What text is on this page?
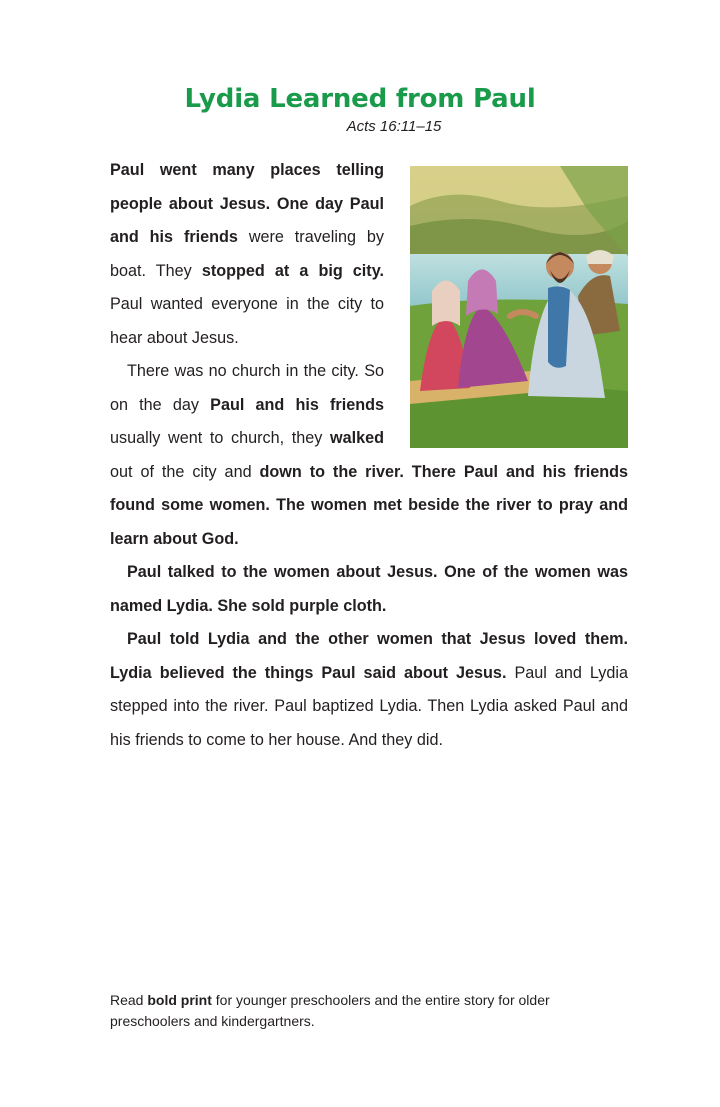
Lydia Learned from Paul
Acts 16:11–15

Paul went many places telling people about Jesus. One day Paul and his friends were traveling by boat. They stopped at a big city. Paul wanted everyone in the city to hear about Jesus.

There was no church in the city. So on the day Paul and his friends usually went to church, they walked out of the city and down to the river. There Paul and his friends found some women. The women met beside the river to pray and learn about God.

Paul talked to the women about Jesus. One of the women was named Lydia. She sold purple cloth.

Paul told Lydia and the other women that Jesus loved them. Lydia believed the things Paul said about Jesus. Paul and Lydia stepped into the river. Paul baptized Lydia. Then Lydia asked Paul and his friends to come to her house. And they did.

Read bold print for younger preschoolers and the entire story for older preschoolers and kindergartners.
